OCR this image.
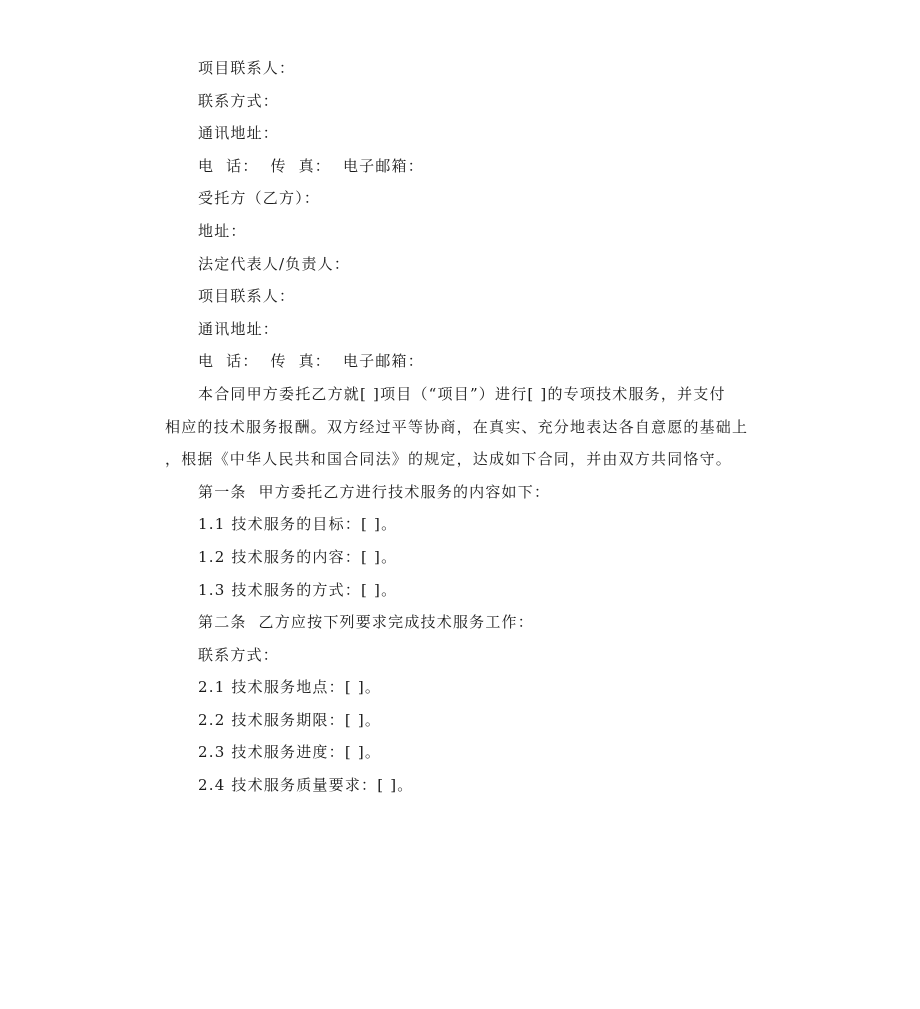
项目联系人：
联系方式：
通讯地址：
电  话：  传  真：  电子邮箱：
受托方（乙方）：
地址：
法定代表人/负责人：
项目联系人：
通讯地址：
电  话：  传  真：  电子邮箱：
本合同甲方委托乙方就[ ]项目（“项目”）进行[ ]的专项技术服务，并支付
相应的技术服务报酬。双方经过平等协商，在真实、充分地表达各自意愿的基础上
，根据《中华人民共和国合同法》的规定，达成如下合同，并由双方共同恪守。
第一条  甲方委托乙方进行技术服务的内容如下：
1.1 技术服务的目标：[ ]。
1.2 技术服务的内容：[ ]。
1.3 技术服务的方式：[ ]。
第二条  乙方应按下列要求完成技术服务工作：
联系方式：
2.1 技术服务地点：[ ]。
2.2 技术服务期限：[ ]。
2.3 技术服务进度：[ ]。
2.4 技术服务质量要求：[ ]。
